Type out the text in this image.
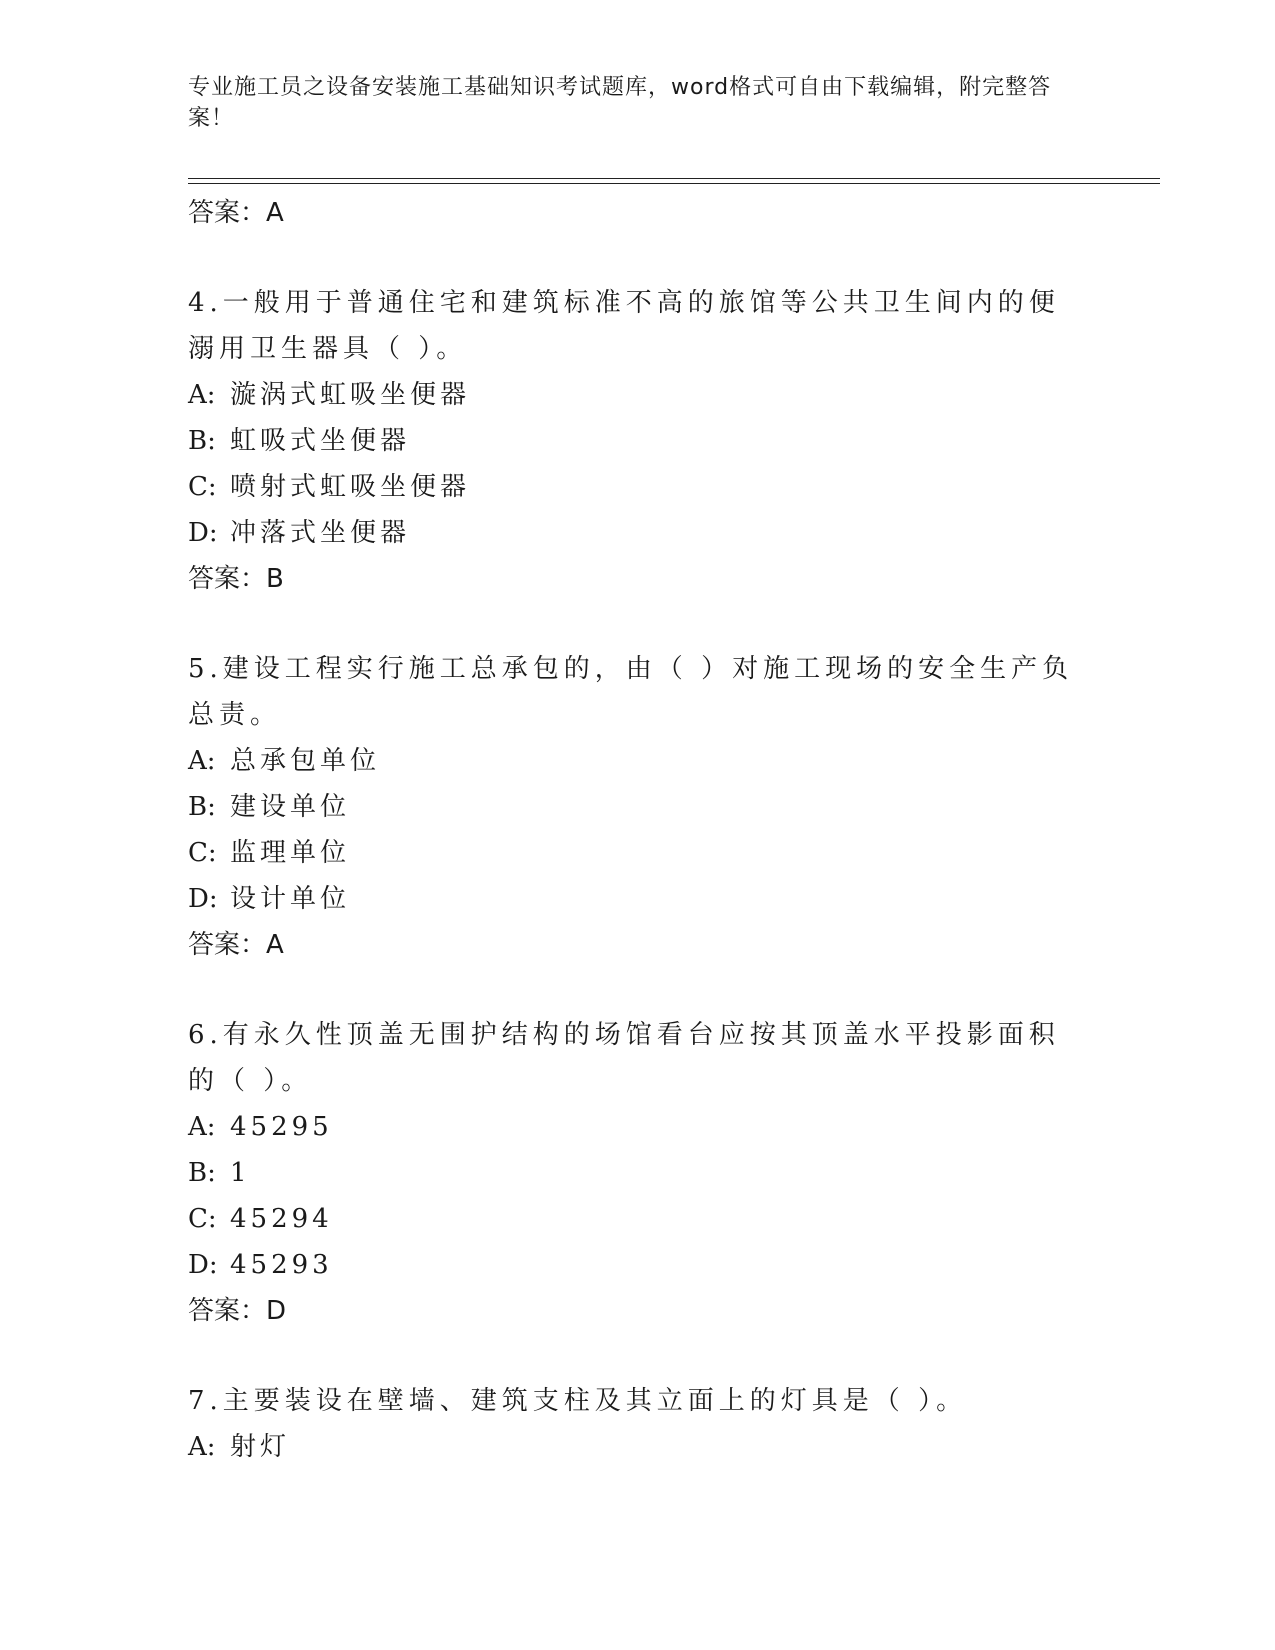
专业施工员之设备安装施工基础知识考试题库，word格式可自由下载编辑，附完整答案！

答案：A

4.一般用于普通住宅和建筑标准不高的旅馆等公共卫生间内的便溺用卫生器具（ ）。

A: 漩涡式虹吸坐便器

B: 虹吸式坐便器

C: 喷射式虹吸坐便器

D: 冲落式坐便器

答案：B

5.建设工程实行施工总承包的，由（ ）对施工现场的安全生产负总责。

A: 总承包单位

B: 建设单位

C: 监理单位

D: 设计单位

答案：A

6.有永久性顶盖无围护结构的场馆看台应按其顶盖水平投影面积的（ ）。

A: 45295

B: 1

C: 45294

D: 45293

答案：D

7.主要装设在壁墙、建筑支柱及其立面上的灯具是（ ）。

A: 射灯
